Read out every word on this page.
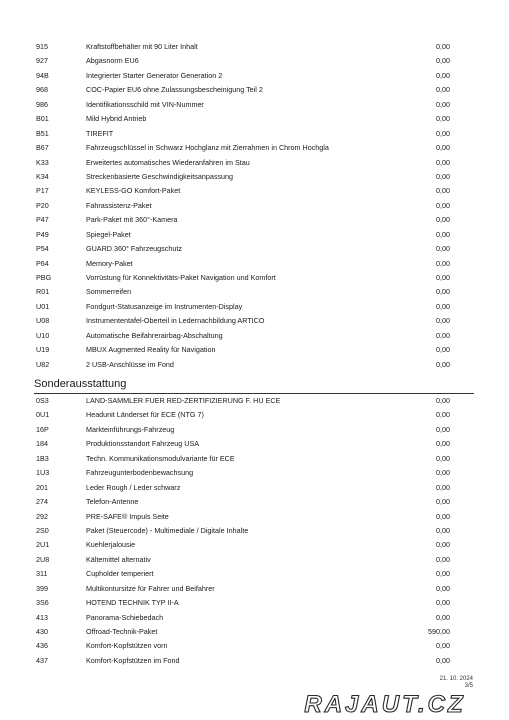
915	Kraftstoffbehälter mit 90 Liter Inhalt	0,00
927	Abgasnorm EU6	0,00
94B	Integrierter Starter Generator Generation 2	0,00
968	COC-Papier EU6 ohne Zulassungsbescheinigung Teil 2	0,00
986	Identifikationsschild mit VIN-Nummer	0,00
B01	Mild Hybrid Antrieb	0,00
B51	TIREFIT	0,00
B67	Fahrzeugschlüssel in Schwarz Hochglanz mit Zierrahmen in Chrom Hochgla	0,00
K33	Erweitertes automatisches Wiederanfahren im Stau	0,00
K34	Streckenbasierte Geschwindigkeitsanpassung	0,00
P17	KEYLESS-GO Komfort-Paket	0,00
P20	Fahrassistenz-Paket	0,00
P47	Park-Paket mit 360°-Kamera	0,00
P49	Spiegel-Paket	0,00
P54	GUARD 360° Fahrzeugschutz	0,00
P64	Memory-Paket	0,00
PBG	Vorrüstung für Konnektivitäts-Paket Navigation und Komfort	0,00
R01	Sommerreifen	0,00
U01	Fondgurt-Statusanzeige im Instrumenten-Display	0,00
U08	Instrumententafel-Oberteil in Ledernachbildung ARTICO	0,00
U10	Automatische Beifahrerairbag-Abschaltung	0,00
U19	MBUX Augmented Reality für Navigation	0,00
U82	2 USB-Anschlüsse im Fond	0,00
Sonderausstattung
0S3	LAND-SAMMLER FUER RED-ZERTIFIZIERUNG F. HU ECE	0,00
0U1	Headunit Länderset für ECE (NTG 7)	0,00
16P	Markteinführungs-Fahrzeug	0,00
184	Produktionsstandort Fahrzeug USA	0,00
1B3	Techn. Kommunikationsmodulvariante für ECE	0,00
1U3	Fahrzeugunterbodenbewachsung	0,00
201	Leder Rough / Leder schwarz	0,00
274	Telefon-Antenne	0,00
292	PRE-SAFE® Impuls Seite	0,00
2S0	Paket (Steuercode) - Multimediale / Digitale Inhalte	0,00
2U1	Kuehlerjalousie	0,00
2U8	Kältemittel alternativ	0,00
311	Cupholder temperiert	0,00
399	Multikontursitze für Fahrer und Beifahrer	0,00
3S6	HOTEND TECHNIK TYP II-A	0,00
413	Panorama-Schiebedach	0,00
430	Offroad-Technik-Paket	590,00
436	Komfort-Kopfstützen vorn	0,00
437	Komfort-Kopfstützen im Fond	0,00
21. 10. 2024
3/5
RAJAUT.CZ
